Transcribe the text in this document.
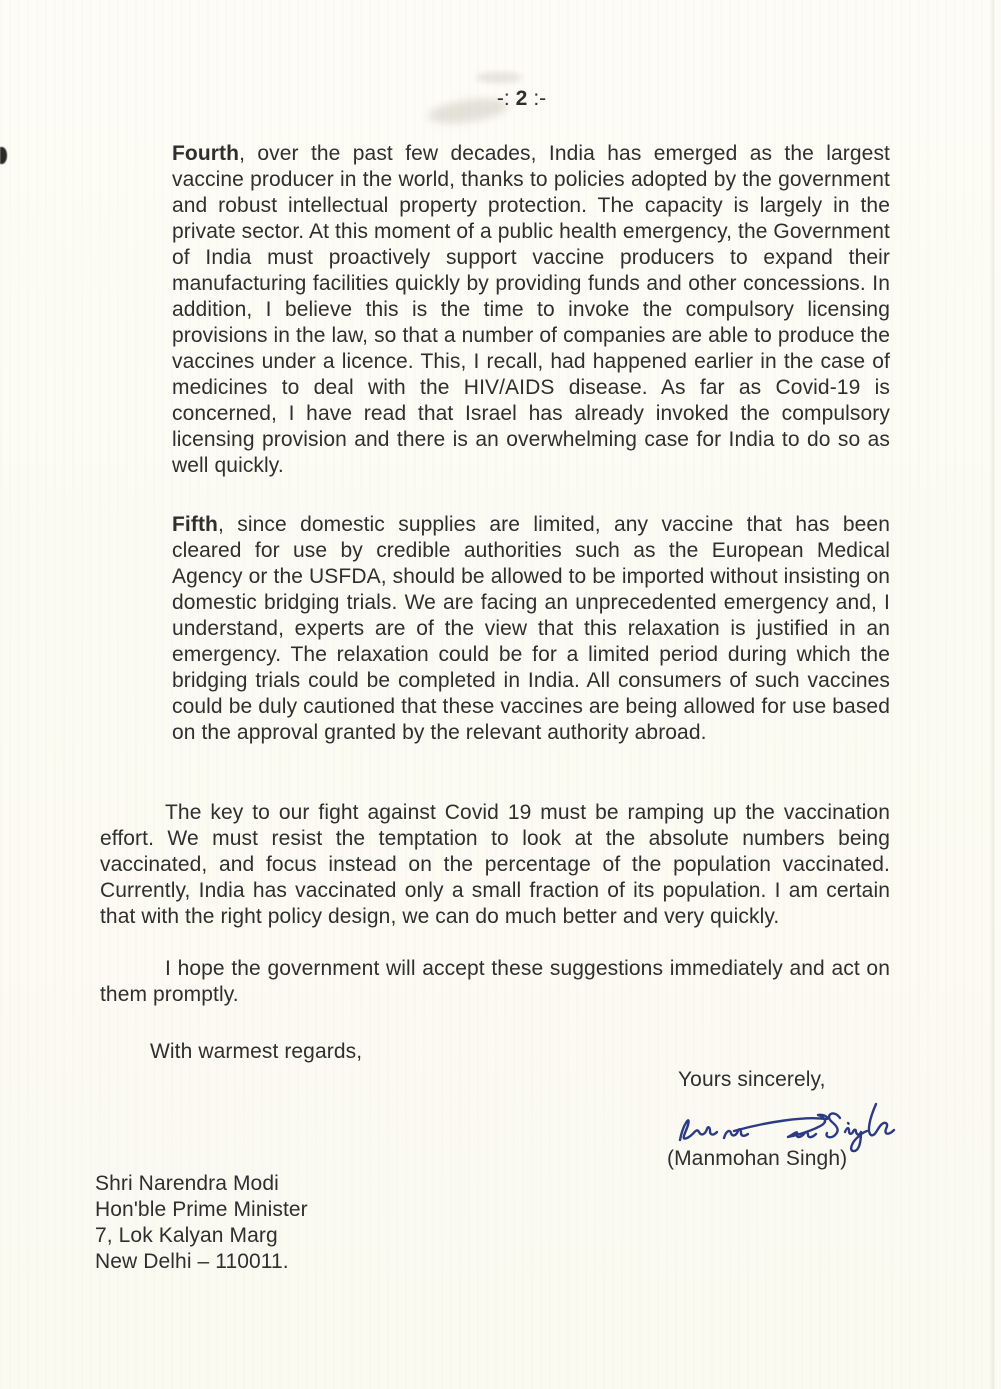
-: 2 :-

Fourth, over the past few decades, India has emerged as the largest vaccine producer in the world, thanks to policies adopted by the government and robust intellectual property protection. The capacity is largely in the private sector. At this moment of a public health emergency, the Government of India must proactively support vaccine producers to expand their manufacturing facilities quickly by providing funds and other concessions. In addition, I believe this is the time to invoke the compulsory licensing provisions in the law, so that a number of companies are able to produce the vaccines under a licence. This, I recall, had happened earlier in the case of medicines to deal with the HIV/AIDS disease. As far as Covid-19 is concerned, I have read that Israel has already invoked the compulsory licensing provision and there is an overwhelming case for India to do so as well quickly.

Fifth, since domestic supplies are limited, any vaccine that has been cleared for use by credible authorities such as the European Medical Agency or the USFDA, should be allowed to be imported without insisting on domestic bridging trials. We are facing an unprecedented emergency and, I understand, experts are of the view that this relaxation is justified in an emergency. The relaxation could be for a limited period during which the bridging trials could be completed in India. All consumers of such vaccines could be duly cautioned that these vaccines are being allowed for use based on the approval granted by the relevant authority abroad.

The key to our fight against Covid 19 must be ramping up the vaccination effort. We must resist the temptation to look at the absolute numbers being vaccinated, and focus instead on the percentage of the population vaccinated. Currently, India has vaccinated only a small fraction of its population. I am certain that with the right policy design, we can do much better and very quickly.

I hope the government will accept these suggestions immediately and act on them promptly.

With warmest regards,
Yours sincerely,
(Manmohan Singh)
Shri Narendra Modi
Hon'ble Prime Minister
7, Lok Kalyan Marg
New Delhi – 110011.
